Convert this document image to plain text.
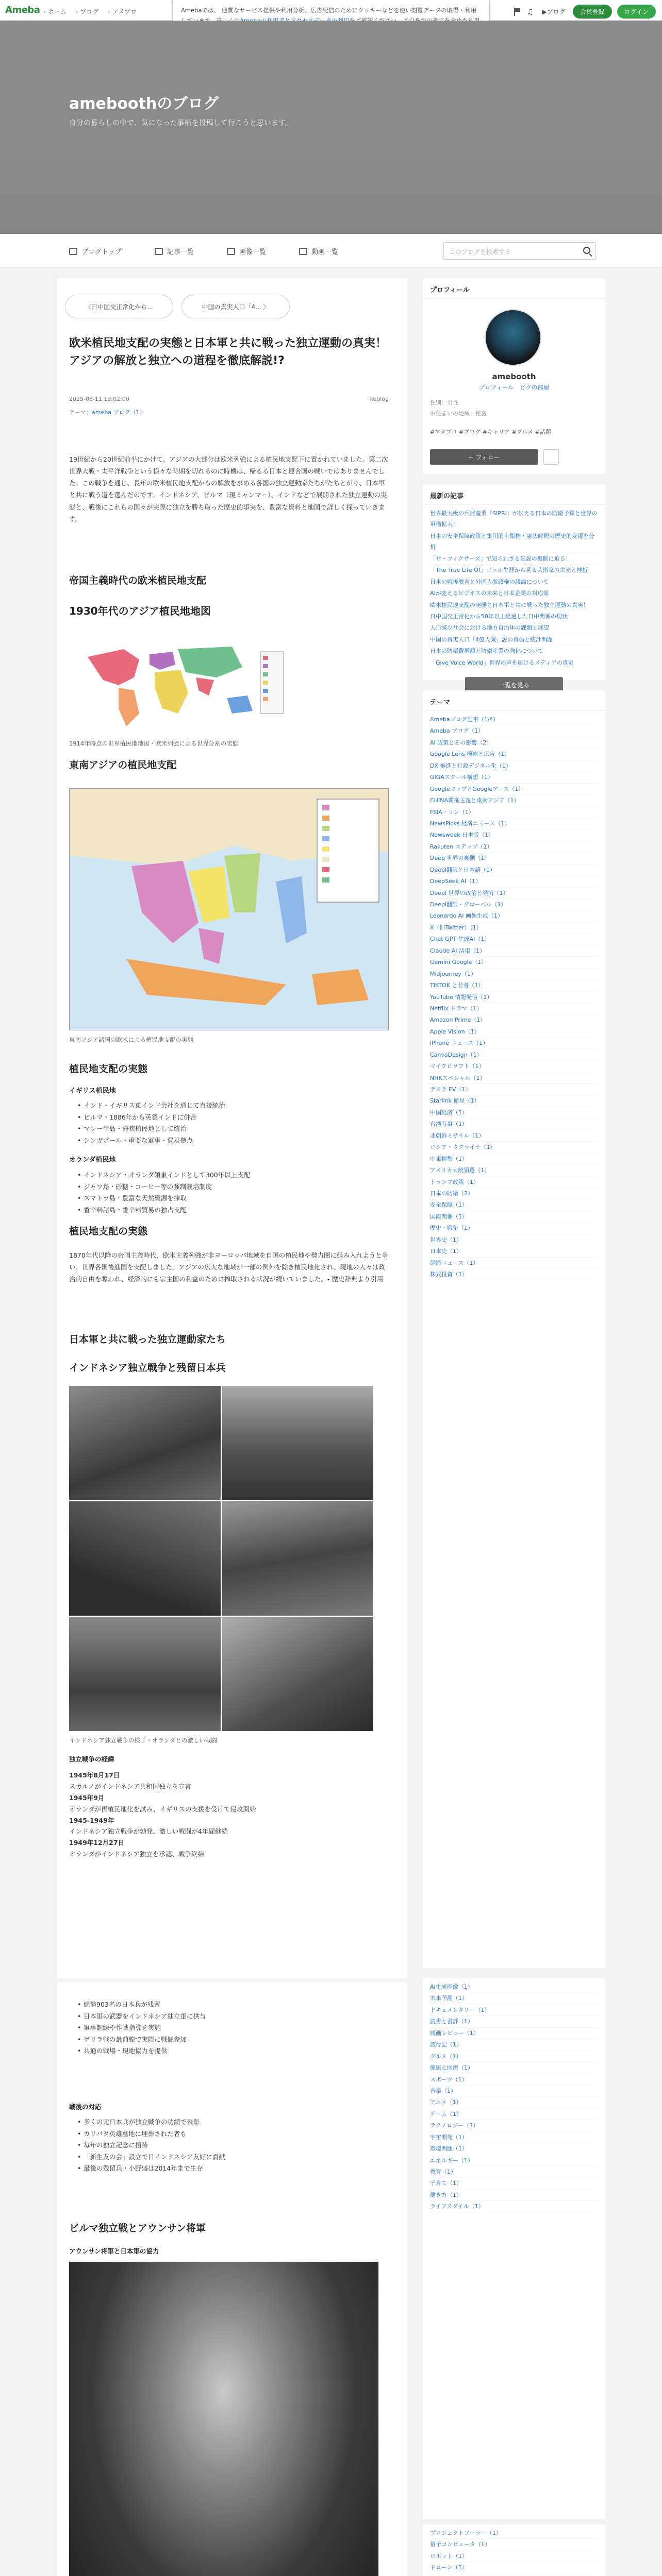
Ameba	› ホーム	› ブログ	› アメブロ	♫	▶ブログ	会員登録	ログイン
Amebaでは、 他質なサービス提供や利用分析、広告配信のためにクッキーなどを使い閲覧データの取得・利用
ameboothのブログ
自分の暮らしの中で、気になった事柄を投稿して行こうと思います。
ブログトップ	記事一覧	画像一覧	動画一覧	このブログを検索する
〈日中国交正常化から...	中国の真実人口「4... 〉
欧米植民地支配の実態と日本軍と共に戦った独立運動の真実！アジアの解放と独立への道程を徹底解説!?
2025-08-11 13:02:00	Reblog
テーマ：ameba ブログ（1）

19世紀から20世紀前半にかけて、アジアの大部分は欧米列強による植民地支配下に置かれていました。第二次世界大戦・太平洋戦争という様々な時期を切れるのに時機は、帰るる日本と連合国の戦いではありませんでした。この戦争を通じ、長年の欧米植民地支配からの解放を求める各国の独立運動家たちがたちとがり、日本軍と共に戦う道を選んだのです。インドネシア、ビルマ（現ミャンマー）、インドなどで展開された独立運動の実態と、戦後にこれらの国々が実際に独立を勝ち取った歴史的事実を、豊富な資料と地図で詳しく探っていきます。

帝国主義時代の欧米植民地支配
1930年代のアジア植民地地図

1914年時点の世界植民地地図・欧米列強による世界分割の実態

東南アジアの植民地支配

東南アジア諸国の欧米による植民地支配の実態

植民地支配の実態
イギリス植民地
• インド・イギリス東インド会社を通じて直接統治
• ビルマ・1886年から英領インドに併合
• マレー半島・海峡植民地として統治
• シンガポール・重要な軍事・貿易拠点
オランダ植民地
• インドネシア・オランダ領東インドとして300年以上支配
• ジャワ島・砂糖・コーヒー等の強制栽培制度
• スマトラ島・豊富な天然資源を搾取
• 香辛料諸島・香辛料貿易の独占支配
植民地支配の実態

1870年代以降の帝国主義時代、欧米主義列強が非ヨーロッパ地域を自国の植民地や勢力圏に組み入れようと争い、世界各国後進国を支配しました。アジアの広大な地域が一部の例外を除き植民地化され、現地の人々は政治的自由を奪われ、経済的にも宗主国の利益のために搾取される状況が続いていました。- 歴史辞典より引用

日本軍と共に戦った独立運動家たち
インドネシア独立戦争と残留日本兵

インドネシア独立戦争の様子・オランダとの激しい戦闘

独立戦争の経緯
1945年8月17日
スカルノがインドネシア共和国独立を宣言
1945年9月
オランダが再植民地化を試み、イギリスの支援を受けて侵攻開始
1945-1949年
インドネシア独立戦争が勃発、激しい戦闘が4年間継続
1949年12月27日
オランダがインドネシア独立を承認、戦争終結
• 総勢903名の日本兵が残留
• 日本軍の武器をインドネシア独立軍に供与
• 軍事訓練や作戦指導を実施
• ゲリラ戦の最前線で実際に戦闘参加
• 共通の戦場・現地協力を提供
戦後の対応
• 多くの元日本兵が独立戦争の功績で表彰
• カリバタ英雄墓地に埋葬された者も
• 毎年の独立記念に招待
• 「新生友の会」設立で日インドネシア友好に貢献
• 最後の残留兵・小野盛は2014年まで生存
ビルマ独立戦とアウンサン将軍
アウンサン将軍と日本軍の協力

プロフィール
amebooth
プロフィール　ピグの部屋
性別：男性
お住まいの地域：秘密
#アメブロ #ブログ #キャリア #グルメ #話題
+ フォロー
最新の記事
世界最大級の兵器産業「SIPRI」が伝える日本の防衛予算と世界の軍備拡大！
日本の安全保障政策と集団的自衛権・憲法解釈の歴史的変遷を分析
「ザ・フィクサーズ」で知られざる伝説の裏側に迫る！
「The True Life Of」ゴッホ生涯から見る芸術家の栄光と挫折
日本の戦後教育と外国人参政権の議論について
AIが変えるビジネスの未来と日本企業の対応策
欧米植民地支配の実態と日本軍と共に戦った独立運動の真実！
日中国交正常化から50年以上経過した日中関係の現状
人口減少社会における地方自治体の課題と展望
中国の真実人口「4億人減」説の真偽と統計問題
日本の防衛費増額と防衛産業の強化について
「Give Voice World」世界の声を届けるメディアの真実
一覧を見る
テーマ
Amebaブログ記事（1/4）
Ameba ブログ（1）
AI 政策とその影響（2）
Google Lens 検索と広告（1）
DX 推進と行政デジタル化（1）
GIGAスクール構想（1）
GoogleマップとGoogleアース（1）
CHINA覇権主義と東南アジア（1）
FSIA・リン（1）
NewsPicks 経済ニュース（1）
Newsweek 日本版（1）
Rakuten ステップ（1）
Deep 世界の裏側（1）
Deepl翻訳と日本語（1）
DeepSeek AI（1）
Deepl 世界の政治と経済（1）
Deepl翻訳・グローバル（1）
Leonardo AI 画像生成（1）
X（旧Twitter）（1）
Chat GPT 生成AI（1）
Claude AI 活用（1）
Gemini Google（1）
Midjourney（1）
TIKTOK と若者（1）
YouTube 情報発信（1）
Netflix ドラマ（1）
Amazon Prime（1）
Apple Vision（1）
iPhone ニュース（1）
CanvaDesign（1）
マイクロソフト（1）
NHKスペシャル（1）
テスラ EV（1）
Starlink 衛星（1）
中国経済（1）
台湾有事（1）
北朝鮮ミサイル（1）
ロシア・ウクライナ（1）
中東情勢（1）
アメリカ大統領選（1）
トランプ政策（1）
日本の防衛（2）
安全保障（1）
国際関係（1）
歴史・戦争（1）
世界史（1）
日本史（1）
経済ニュース（1）
株式投資（1）
AI生成画像（1）
未来予測（1）
ドキュメンタリー（1）
読書と書評（1）
映画レビュー（1）
旅行記（1）
グルメ（1）
健康と医療（1）
スポーツ（1）
音楽（1）
アニメ（1）
ゲーム（1）
テクノロジー（1）
宇宙開発（1）
環境問題（1）
エネルギー（1）
教育（1）
子育て（1）
働き方（1）
ライフスタイル（1）
プロジェクトソーラー（1）
量子コンピュータ（1）
ロボット（1）
ドローン（1）
